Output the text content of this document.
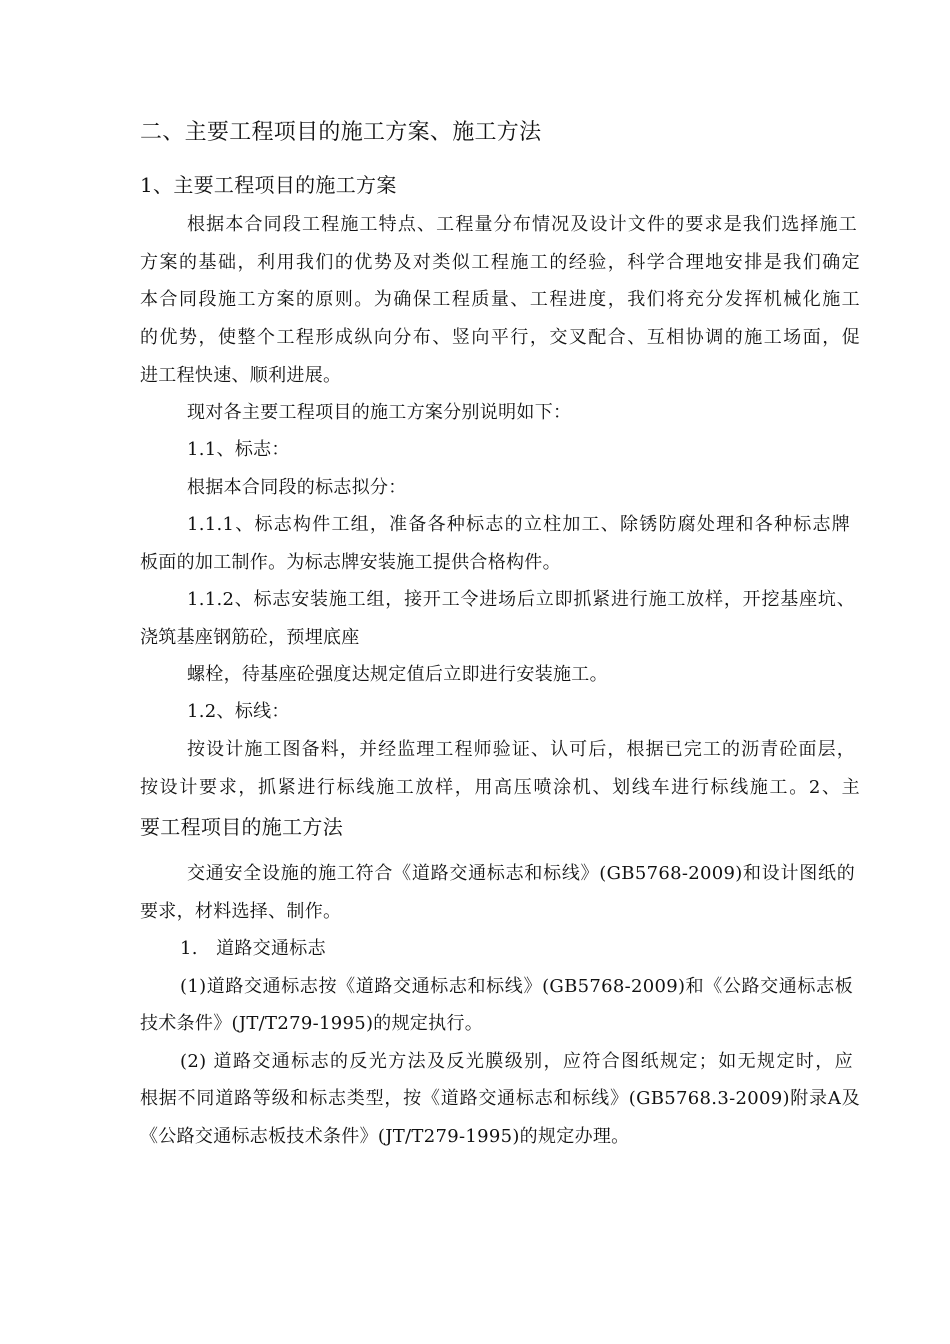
二、主要工程项目的施工方案、施工方法
1、主要工程项目的施工方案
根据本合同段工程施工特点、工程量分布情况及设计文件的要求是我们选择施工
方案的基础，利用我们的优势及对类似工程施工的经验，科学合理地安排是我们确定
本合同段施工方案的原则。为确保工程质量、工程进度，我们将充分发挥机械化施工
的优势，使整个工程形成纵向分布、竖向平行，交叉配合、互相协调的施工场面，促
进工程快速、顺利进展。
现对各主要工程项目的施工方案分别说明如下：
1.1、标志：
根据本合同段的标志拟分：
1.1.1、标志构件工组，准备各种标志的立柱加工、除锈防腐处理和各种标志牌
板面的加工制作。为标志牌安装施工提供合格构件。
1.1.2、标志安装施工组，接开工令进场后立即抓紧进行施工放样，开挖基座坑、
浇筑基座钢筋砼，预埋底座
螺栓，待基座砼强度达规定值后立即进行安装施工。
1.2、标线：
按设计施工图备料，并经监理工程师验证、认可后，根据已完工的沥青砼面层，
按设计要求，抓紧进行标线施工放样，用高压喷涂机、划线车进行标线施工。2、主
要工程项目的施工方法
交通安全设施的施工符合《道路交通标志和标线》(GB5768-2009)和设计图纸的
要求，材料选择、制作。
1.　道路交通标志
(1)道路交通标志按《道路交通标志和标线》(GB5768-2009)和《公路交通标志板
技术条件》(JT/T279-1995)的规定执行。
(2) 道路交通标志的反光方法及反光膜级别，应符合图纸规定；如无规定时，应
根据不同道路等级和标志类型，按《道路交通标志和标线》(GB5768.3-2009)附录A及
《公路交通标志板技术条件》(JT/T279-1995)的规定办理。
